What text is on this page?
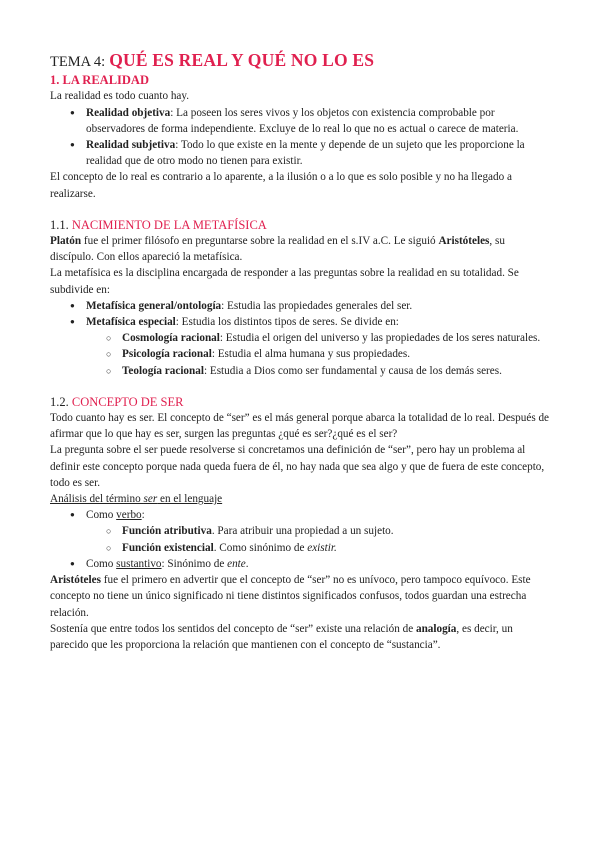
TEMA 4: QUÉ ES REAL Y QUÉ NO LO ES
1. LA REALIDAD

La realidad es todo cuanto hay.

● Realidad objetiva: La poseen los seres vivos y los objetos con existencia comprobable por observadores de forma independiente. Excluye de lo real lo que no es actual o carece de materia.
● Realidad subjetiva: Todo lo que existe en la mente y depende de un sujeto que les proporcione la realidad que de otro modo no tienen para existir.

El concepto de lo real es contrario a lo aparente, a la ilusión o a lo que es solo posible y no ha llegado a realizarse.

1.1. NACIMIENTO DE LA METAFÍSICA

Platón fue el primer filósofo en preguntarse sobre la realidad en el s.IV a.C. Le siguió Aristóteles, su discípulo. Con ellos apareció la metafísica.

La metafísica es la disciplina encargada de responder a las preguntas sobre la realidad en su totalidad. Se subdivide en:

● Metafísica general/ontología: Estudia las propiedades generales del ser.
● Metafísica especial: Estudia los distintos tipos de seres. Se divide en:
○ Cosmología racional: Estudia el origen del universo y las propiedades de los seres naturales.
○ Psicología racional: Estudia el alma humana y sus propiedades.
○ Teología racional: Estudia a Dios como ser fundamental y causa de los demás seres.
1.2. CONCEPTO DE SER

Todo cuanto hay es ser. El concepto de “ser” es el más general porque abarca la totalidad de lo real. Después de afirmar que lo que hay es ser, surgen las preguntas ¿qué es ser?¿qué es el ser?

La pregunta sobre el ser puede resolverse si concretamos una definición de “ser”, pero hay un problema al definir este concepto porque nada queda fuera de él, no hay nada que sea algo y que de fuera de este concepto, todo es ser.

Análisis del término ser en el lenguaje

● Como verbo:
○ Función atributiva. Para atribuir una propiedad a un sujeto.
○ Función existencial. Como sinónimo de existir.
● Como sustantivo: Sinónimo de ente.

Aristóteles fue el primero en advertir que el concepto de “ser” no es unívoco, pero tampoco equívoco. Este concepto no tiene un único significado ni tiene distintos significados confusos, todos guardan una estrecha relación.

Sostenía que entre todos los sentidos del concepto de “ser” existe una relación de analogía, es decir, un parecido que les proporciona la relación que mantienen con el concepto de “sustancia”.
